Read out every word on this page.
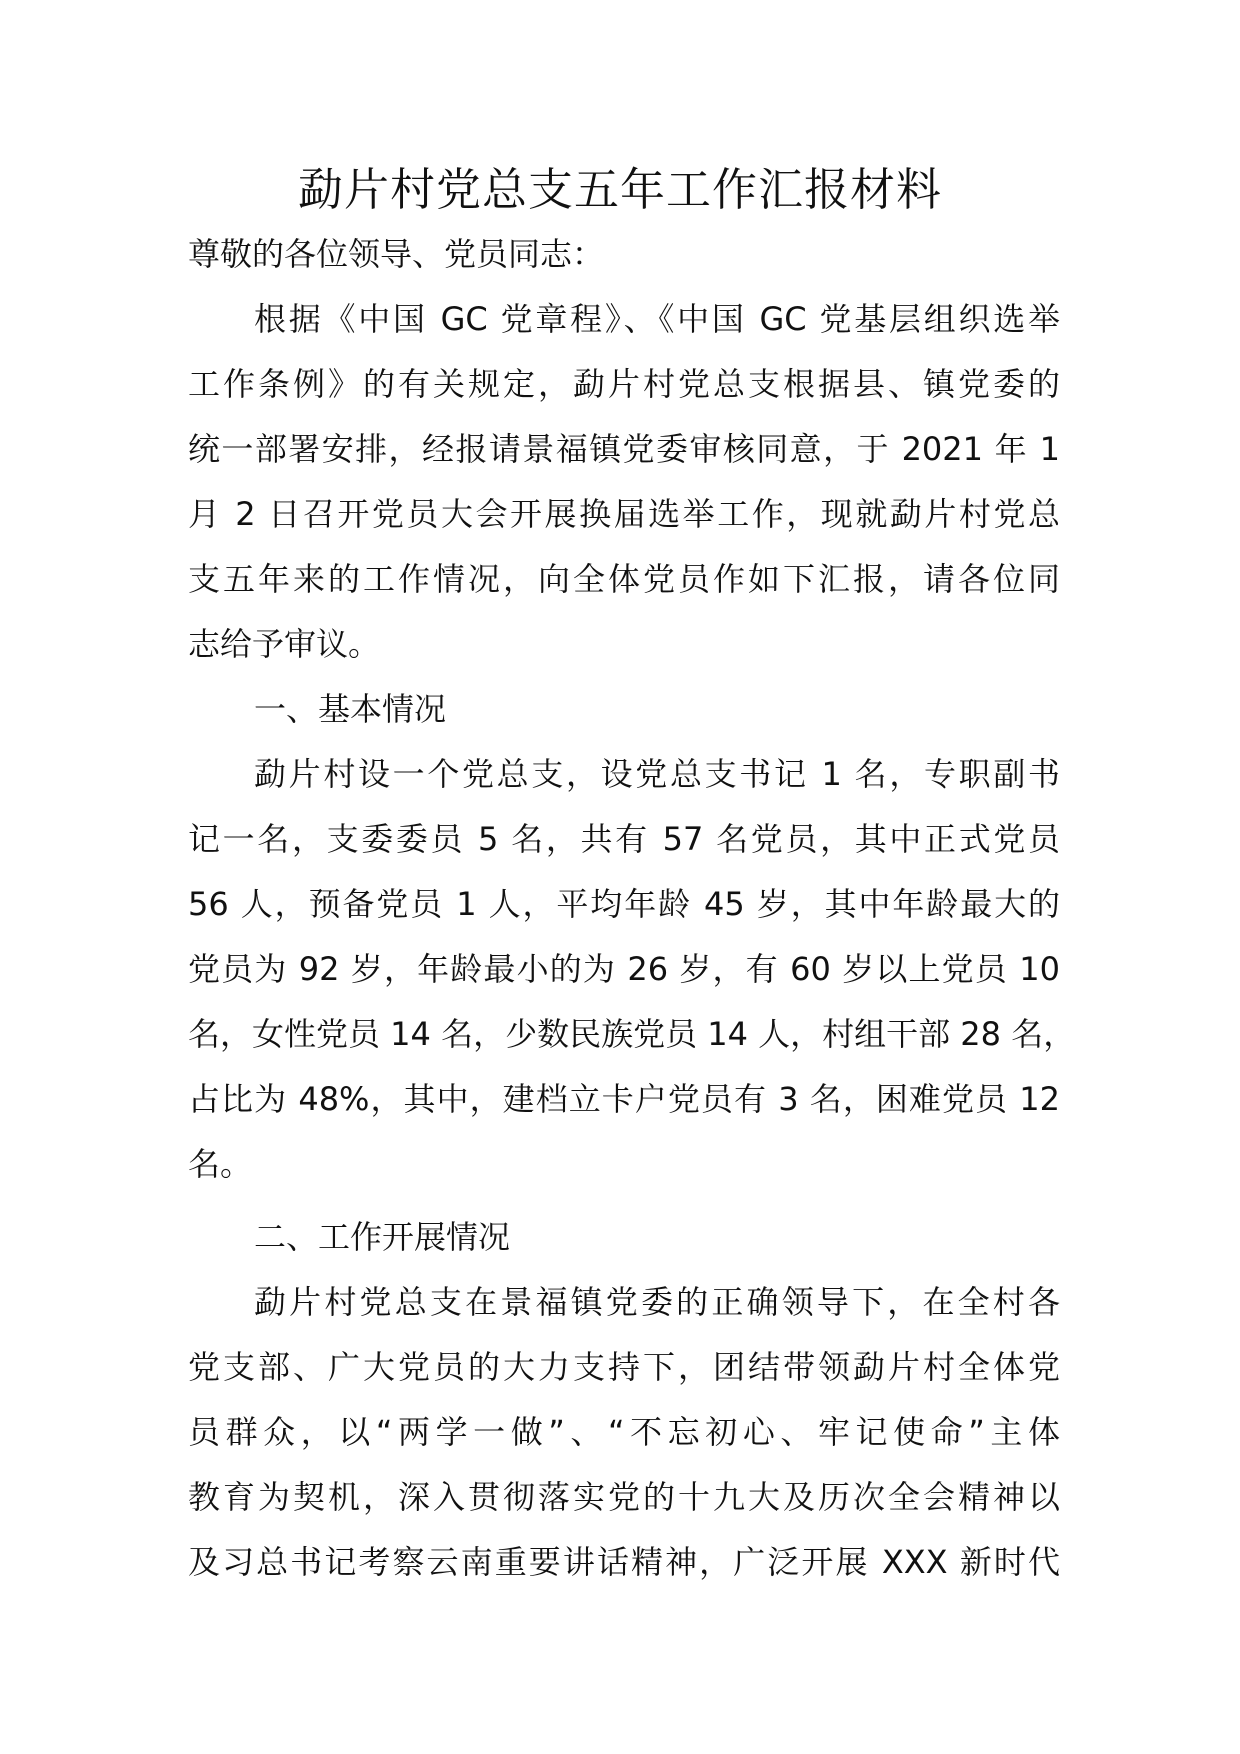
勐片村党总支五年工作汇报材料
尊敬的各位领导、党员同志：
根据《中国 GC 党章程》、《中国 GC 党基层组织选举
工作条例》的有关规定，勐片村党总支根据县、镇党委的
统一部署安排，经报请景福镇党委审核同意，于 2021 年 1
月 2 日召开党员大会开展换届选举工作，现就勐片村党总
支五年来的工作情况，向全体党员作如下汇报，请各位同
志给予审议。
一、基本情况
勐片村设一个党总支，设党总支书记 1 名，专职副书
记一名，支委委员 5 名，共有 57 名党员，其中正式党员
56 人，预备党员 1 人，平均年龄 45 岁，其中年龄最大的
党员为 92 岁，年龄最小的为 26 岁，有 60 岁以上党员 10
名，女性党员 14 名，少数民族党员 14 人，村组干部 28 名，
占比为 48%，其中，建档立卡户党员有 3 名，困难党员 12
名。
二、工作开展情况
勐片村党总支在景福镇党委的正确领导下，在全村各
党支部、广大党员的大力支持下，团结带领勐片村全体党
员群众，以“两学一做”、“不忘初心、牢记使命”主体
教育为契机，深入贯彻落实党的十九大及历次全会精神以
及习总书记考察云南重要讲话精神，广泛开展 XXX 新时代
